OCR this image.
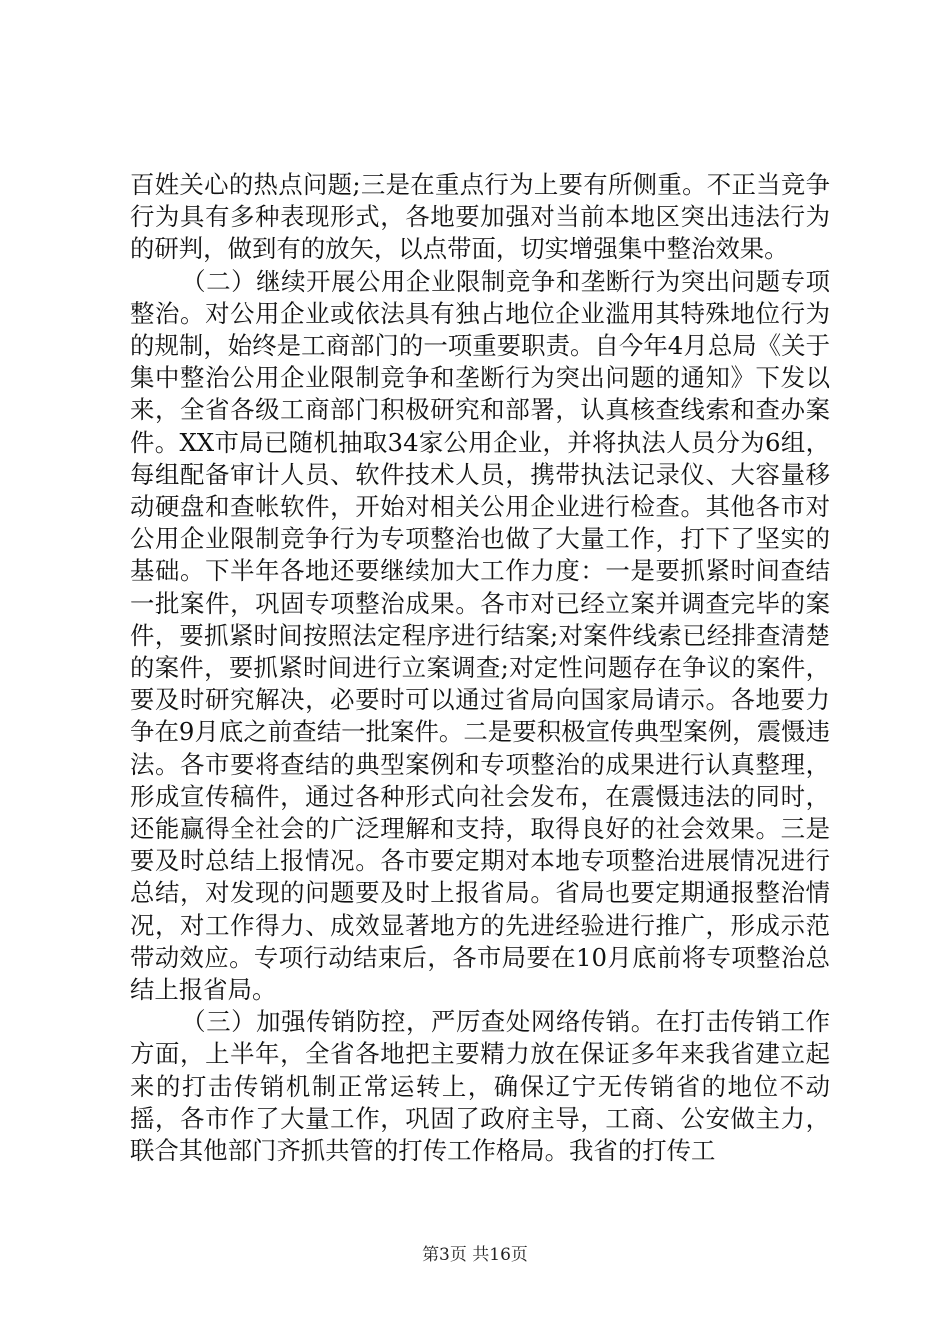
百姓关心的热点问题;三是在重点行为上要有所侧重。不正当竞争行为具有多种表现形式，各地要加强对当前本地区突出违法行为的研判，做到有的放矢，以点带面，切实增强集中整治效果。

（二）继续开展公用企业限制竞争和垄断行为突出问题专项整治。对公用企业或依法具有独占地位企业滥用其特殊地位行为的规制，始终是工商部门的一项重要职责。自今年4月总局《关于集中整治公用企业限制竞争和垄断行为突出问题的通知》下发以来，全省各级工商部门积极研究和部署，认真核查线索和查办案件。XX市局已随机抽取34家公用企业，并将执法人员分为6组，每组配备审计人员、软件技术人员，携带执法记录仪、大容量移动硬盘和查帐软件，开始对相关公用企业进行检查。其他各市对公用企业限制竞争行为专项整治也做了大量工作，打下了坚实的基础。下半年各地还要继续加大工作力度：一是要抓紧时间查结一批案件，巩固专项整治成果。各市对已经立案并调查完毕的案件，要抓紧时间按照法定程序进行结案;对案件线索已经排查清楚的案件，要抓紧时间进行立案调查;对定性问题存在争议的案件，要及时研究解决，必要时可以通过省局向国家局请示。各地要力争在9月底之前查结一批案件。二是要积极宣传典型案例，震慑违法。各市要将查结的典型案例和专项整治的成果进行认真整理，形成宣传稿件，通过各种形式向社会发布，在震慑违法的同时，还能赢得全社会的广泛理解和支持，取得良好的社会效果。三是要及时总结上报情况。各市要定期对本地专项整治进展情况进行总结，对发现的问题要及时上报省局。省局也要定期通报整治情况，对工作得力、成效显著地方的先进经验进行推广，形成示范带动效应。专项行动结束后，各市局要在10月底前将专项整治总结上报省局。

（三）加强传销防控，严厉查处网络传销。在打击传销工作方面，上半年，全省各地把主要精力放在保证多年来我省建立起来的打击传销机制正常运转上，确保辽宁无传销省的地位不动摇，各市作了大量工作，巩固了政府主导，工商、公安做主力，联合其他部门齐抓共管的打传工作格局。我省的打传工

第3页 共16页
